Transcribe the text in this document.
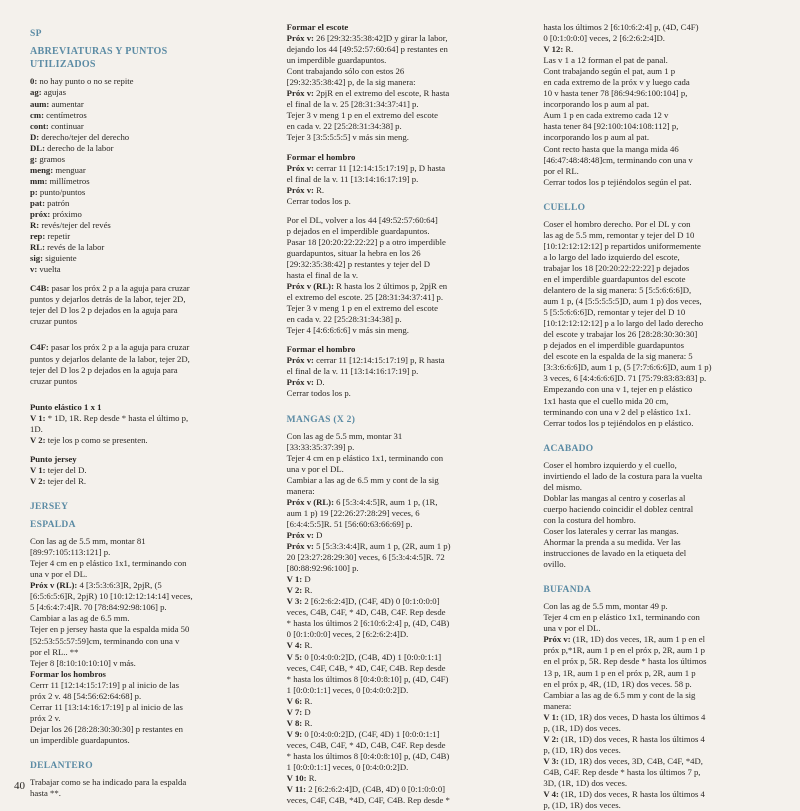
SP
ABREVIATURAS Y PUNTOS
UTILIZADOS
0: no hay punto o no se repite
ag: agujas
aum: aumentar
cm: centímetros
cont: continuar
D: derecho/tejer del derecho
DL: derecho de la labor
g: gramos
meng: menguar
mm: millímetros
p: punto/puntos
pat: patrón
próx: próximo
R: revés/tejer del revés
rep: repetir
RL: revés de la labor
sig: siguiente
v: vuelta

C4B: pasar los próx 2 p a la aguja para cruzar
puntos y dejarlos detrás de la labor, tejer 2D,
tejer del D los 2 p dejados en la aguja para
cruzar puntos

C4F: pasar los próx 2 p a la aguja para cruzar
puntos y dejarlos delante de la labor, tejer 2D,
tejer del D los 2 p dejados en la aguja para
cruzar puntos

Punto elástico 1 x 1
V 1: * 1D, 1R. Rep desde * hasta el último p,
1D.
V 2: teje los p como se presenten.
Punto jersey
V 1: tejer del D.
V 2: tejer del R.
JERSEY
ESPALDA
Con las ag de 5.5 mm, montar 81
[89:97:105:113:121] p.
Tejer 4 cm en p elástico 1x1, terminando con
una v por el DL.
Próx v (RL): 4 [3:5:3:6:3]R, 2pjR, (5
[6:5:6:5:6]R, 2pjR) 10 [10:12:12:14:14] veces,
5 [4:6:4:7:4]R. 70 [78:84:92:98:106] p.
Cambiar a las ag de 6.5 mm.
Tejer en p jersey hasta que la espalda mida 50
[52:53:55:57:59]cm, terminando con una v
por el RL.. **
Tejer 8 [8:10:10:10:10] v más.
Formar los hombros
Cerrr 11 [12:14:15:17:19] p al inicio de las
próx 2 v. 48 [54:56:62:64:68] p.
Cerrar 11 [13:14:16:17:19] p al inicio de las
próx 2 v.
Dejar los 26 [28:28:30:30:30] p restantes en
un imperdible guardapuntos.
DELANTERO
Trabajar como se ha indicado para la espalda
hasta **.
Formar el escote
Próx v: 26 [29:32:35:38:42]D y girar la labor,
dejando los 44 [49:52:57:60:64] p restantes en
un imperdible guardapuntos.
Cont trabajando sólo con estos 26
[29:32:35:38:42] p, de la sig manera:
Próx v: 2pjR en el extremo del escote, R hasta
el final de la v. 25 [28:31:34:37:41] p.
Tejer 3 v meng 1 p en el extremo del escote
en cada v. 22 [25:28:31:34:38] p.
Tejer 3 [3:5:5:5:5] v más sin meng.
Formar el hombro
Próx v: cerrar 11 [12:14:15:17:19] p, D hasta
el final de la v. 11 [13:14:16:17:19] p.
Próx v: R.
Cerrar todos los p.
Por el DL, volver a los 44 [49:52:57:60:64]
p dejados en el imperdible guardapuntos.
Pasar 18 [20:20:22:22:22] p a otro imperdible
guardapuntos, situar la hebra en los 26
[29:32:35:38:42] p restantes y tejer del D
hasta el final de la v.
Próx v (RL): R hasta los 2 últimos p, 2pjR en
el extremo del escote. 25 [28:31:34:37:41] p.
Tejer 3 v meng 1 p en el extremo del escote
en cada v. 22 [25:28:31:34:38] p.
Tejer 4 [4:6:6:6:6] v más sin meng.
Formar el hombro
Próx v: cerrar 11 [12:14:15:17:19] p, R hasta
el final de la v. 11 [13:14:16:17:19] p.
Próx v: D.
Cerrar todos los p.
MANGAS (X 2)
Con las ag de 5.5 mm, montar 31
[33:33:35:37:39] p.
Tejer 4 cm en p elástico 1x1, terminando con
una v por el DL.
Cambiar a las ag de 6.5 mm y cont de la sig
manera:
Próx v (RL): 6 [5:3:4:4:5]R, aum 1 p, (1R,
aum 1 p) 19 [22:26:27:28:29] veces, 6
[6:4:4:5:5]R. 51 [56:60:63:66:69] p.
Próx v: D
Próx v: 5 [5:3:3:4:4]R, aum 1 p, (2R, aum 1 p)
20 [23:27:28:29:30] veces, 6 [5:3:4:4:5]R. 72
[80:88:92:96:100] p.
V 1: D
V 2: R.
V 3: 2 [6:2:6:2:4]D, (C4F, 4D) 0 [0:1:0:0:0]
veces, C4B, C4F, * 4D, C4B, C4F. Rep desde
* hasta los últimos 2 [6:10:6:2:4] p, (4D, C4B)
0 [0:1:0:0:0] veces, 2 [6:2:6:2:4]D.
V 4: R.
V 5: 0 [0:4:0:0:2]D, (C4B, 4D) 1 [0:0:0:1:1]
veces, C4F, C4B, * 4D, C4F, C4B. Rep desde
* hasta los últimos 8 [0:4:0:8:10] p, (4D, C4F)
1 [0:0:0:1:1] veces, 0 [0:4:0:0:2]D.
V 6: R.
V 7: D
V 8: R.
V 9: 0 [0:4:0:0:2]D, (C4F, 4D) 1 [0:0:0:1:1]
veces, C4B, C4F, * 4D, C4B, C4F. Rep desde
* hasta los últimos 8 [0:4:0:8:10] p, (4D, C4B)
1 [0:0:0:1:1] veces, 0 [0:4:0:0:2]D.
V 10: R.
V 11: 2 [6:2:6:2:4]D, (C4B, 4D) 0 [0:1:0:0:0]
veces, C4F, C4B, *4D, C4F, C4B. Rep desde *
hasta los últimos 2 [6:10:6:2:4] p, (4D, C4F)
0 [0:1:0:0:0] veces, 2 [6:2:6:2:4]D.
V 12: R.
Las v 1 a 12 forman el pat de panal.
Cont trabajando según el pat, aum 1 p
en cada extremo de la próx v y luego cada
10 v hasta tener 78 [86:94:96:100:104] p,
incorporando los p aum al pat.
Aum 1 p en cada extremo cada 12 v
hasta tener 84 [92:100:104:108:112] p,
incorporando los p aum al pat.
Cont recto hasta que la manga mida 46
[46:47:48:48:48]cm, terminando con una v
por el RL.
Cerrar todos los p tejiéndolos según el pat.
CUELLO
Coser el hombro derecho. Por el DL y con
las ag de 5.5 mm, remontar y tejer del D 10
[10:12:12:12:12] p repartidos uniformemente
a lo largo del lado izquierdo del escote,
trabajar los 18 [20:20:22:22:22] p dejados
en el imperdible guardapuntos del escote
delantero de la sig manera: 5 [5:5:6:6:6]D,
aum 1 p, (4 [5:5:5:5:5]D, aum 1 p) dos veces,
5 [5:5:6:6:6]D, remontar y tejer del D 10
[10:12:12:12:12] p a lo largo del lado derecho
del escote y trabajar los 26 [28:28:30:30:30]
p dejados en el imperdible guardapuntos
del escote en la espalda de la sig manera: 5
[3:3:6:6:6]D, aum 1 p, (5 [7:7:6:6:6]D, aum 1 p)
3 veces, 6 [4:4:6:6:6]D. 71 [75:79:83:83:83] p.
Empezando con una v 1, tejer en p elástico
1x1 hasta que el cuello mida 20 cm,
terminando con una v 2 del p elástico 1x1.
Cerrar todos los p tejiéndolos en p elástico.
ACABADO
Coser el hombro izquierdo y el cuello,
invirtiendo el lado de la costura para la vuelta
del mismo.
Doblar las mangas al centro y coserlas al
cuerpo haciendo coincidir el doblez central
con la costura del hombro.
Coser los laterales y cerrar las mangas.
Ahormar la prenda a su medida. Ver las
instrucciones de lavado en la etiqueta del
ovillo.
BUFANDA
Con las ag de 5.5 mm, montar 49 p.
Tejer 4 cm en p elástico 1x1, terminando con
una v por el DL.
Próx v: (1R, 1D) dos veces, 1R, aum 1 p en el
próx p,*1R, aum 1 p en el próx p, 2R, aum 1 p
en el próx p, 5R. Rep desde * hasta los últimos
13 p, 1R, aum 1 p en el próx p, 2R, aum 1 p
en el próx p, 4R, (1D, 1R) dos veces. 58 p.
Cambiar a las ag de 6.5 mm y cont de la sig
manera:
V 1: (1D, 1R) dos veces, D hasta los últimos 4
p, (1R, 1D) dos veces.
V 2: (1R, 1D) dos veces, R hasta los últimos 4
p, (1D, 1R) dos veces.
V 3: (1D, 1R) dos veces, 3D, C4B, C4F, *4D,
C4B, C4F. Rep desde * hasta los últimos 7 p,
3D, (1R, 1D) dos veces.
V 4: (1R, 1D) dos veces, R hasta los últimos 4
p, (1D, 1R) dos veces.
40
